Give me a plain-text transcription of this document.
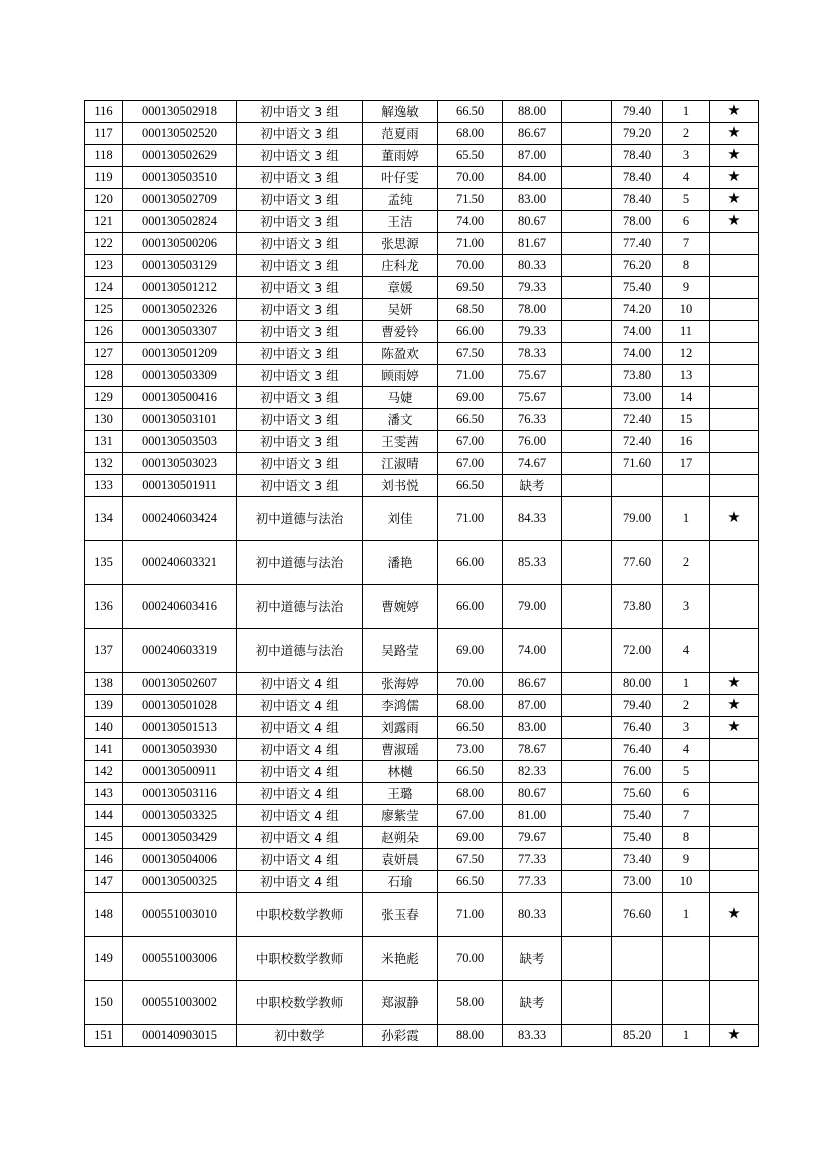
116	000130502918	初中语文 3 组	解逸敏	66.50	88.00		79.40	1	★
117	000130502520	初中语文 3 组	范夏雨	68.00	86.67		79.20	2	★
118	000130502629	初中语文 3 组	董雨婷	65.50	87.00		78.40	3	★
119	000130503510	初中语文 3 组	叶仔雯	70.00	84.00		78.40	4	★
120	000130502709	初中语文 3 组	孟纯	71.50	83.00		78.40	5	★
121	000130502824	初中语文 3 组	王洁	74.00	80.67		78.00	6	★
122	000130500206	初中语文 3 组	张思源	71.00	81.67		77.40	7	
123	000130503129	初中语文 3 组	庄科龙	70.00	80.33		76.20	8	
124	000130501212	初中语文 3 组	章媛	69.50	79.33		75.40	9	
125	000130502326	初中语文 3 组	吴妍	68.50	78.00		74.20	10	
126	000130503307	初中语文 3 组	曹爱铃	66.00	79.33		74.00	11	
127	000130501209	初中语文 3 组	陈盈欢	67.50	78.33		74.00	12	
128	000130503309	初中语文 3 组	顾雨婷	71.00	75.67		73.80	13	
129	000130500416	初中语文 3 组	马婕	69.00	75.67		73.00	14	
130	000130503101	初中语文 3 组	潘文	66.50	76.33		72.40	15	
131	000130503503	初中语文 3 组	王雯茜	67.00	76.00		72.40	16	
132	000130503023	初中语文 3 组	江淑晴	67.00	74.67		71.60	17	
133	000130501911	初中语文 3 组	刘书悦	66.50	缺考				
134	000240603424	初中道德与法治	刘佳	71.00	84.33		79.00	1	★
135	000240603321	初中道德与法治	潘艳	66.00	85.33		77.60	2	
136	000240603416	初中道德与法治	曹婉婷	66.00	79.00		73.80	3	
137	000240603319	初中道德与法治	吴路莹	69.00	74.00		72.00	4	
138	000130502607	初中语文 4 组	张海婷	70.00	86.67		80.00	1	★
139	000130501028	初中语文 4 组	李鸿儒	68.00	87.00		79.40	2	★
140	000130501513	初中语文 4 组	刘露雨	66.50	83.00		76.40	3	★
141	000130503930	初中语文 4 组	曹淑瑶	73.00	78.67		76.40	4	
142	000130500911	初中语文 4 组	林樾	66.50	82.33		76.00	5	
143	000130503116	初中语文 4 组	王璐	68.00	80.67		75.60	6	
144	000130503325	初中语文 4 组	廖紫莹	67.00	81.00		75.40	7	
145	000130503429	初中语文 4 组	赵朔朵	69.00	79.67		75.40	8	
146	000130504006	初中语文 4 组	袁妍晨	67.50	77.33		73.40	9	
147	000130500325	初中语文 4 组	石瑜	66.50	77.33		73.00	10	
148	000551003010	中职校数学教师	张玉春	71.00	80.33		76.60	1	★
149	000551003006	中职校数学教师	米艳彪	70.00	缺考				
150	000551003002	中职校数学教师	郑淑静	58.00	缺考				
151	000140903015	初中数学	孙彩霞	88.00	83.33		85.20	1	★
